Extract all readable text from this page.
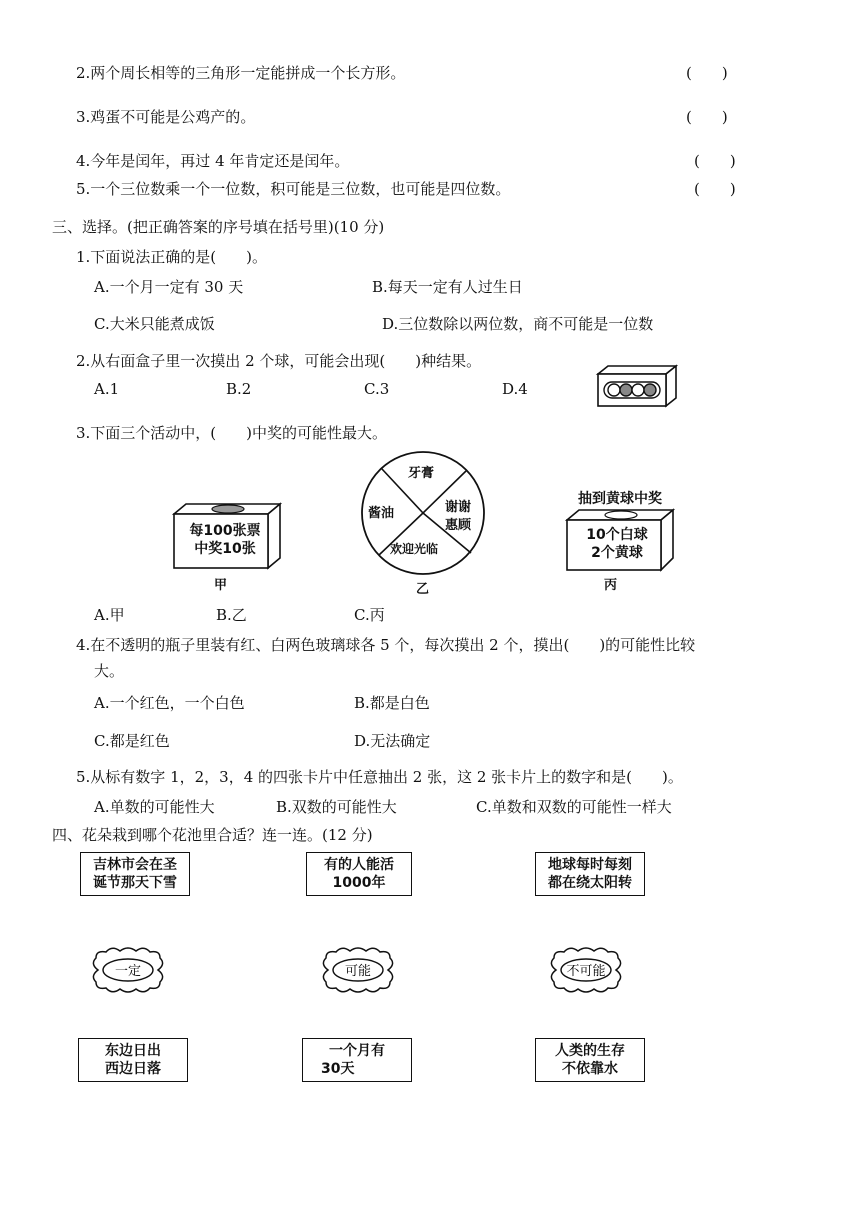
2.两个周长相等的三角形一定能拼成一个长方形。	(　　)
3.鸡蛋不可能是公鸡产的。	(　　)
4.今年是闰年，再过 4 年肯定还是闰年。	(　　)
5.一个三位数乘一个一位数，积可能是三位数，也可能是四位数。	(　　)
三、选择。(把正确答案的序号填在括号里)(10 分)
1.下面说法正确的是(　　)。
A.一个月一定有 30 天	B.每天一定有人过生日
C.大米只能煮成饭	D.三位数除以两位数，商不可能是一位数
2.从右面盒子里一次摸出 2 个球，可能会出现(　　)种结果。
A.1	B.2	C.3	D.4
3.下面三个活动中，(　　)中奖的可能性最大。
每100张票
中奖10张
甲
牙膏
谢谢
惠顾
欢迎光临
酱油
乙
抽到黄球中奖
10个白球
2个黄球
丙
A.甲	B.乙	C.丙
4.在不透明的瓶子里装有红、白两色玻璃球各 5 个，每次摸出 2 个，摸出(　　)的可能性比较
大。
A.一个红色，一个白色	B.都是白色
C.都是红色	D.无法确定
5.从标有数字 1，2，3，4 的四张卡片中任意抽出 2 张，这 2 张卡片上的数字和是(　　)。
A.单数的可能性大	B.双数的可能性大	C.单数和双数的可能性一样大
四、花朵栽到哪个花池里合适？连一连。(12 分)
吉林市会在圣
诞节那天下雪
有的人能活
1000年
地球每时每刻
都在绕太阳转
一定	可能	不可能
东边日出
西边日落
一个月有
30天
人类的生存
不依靠水
